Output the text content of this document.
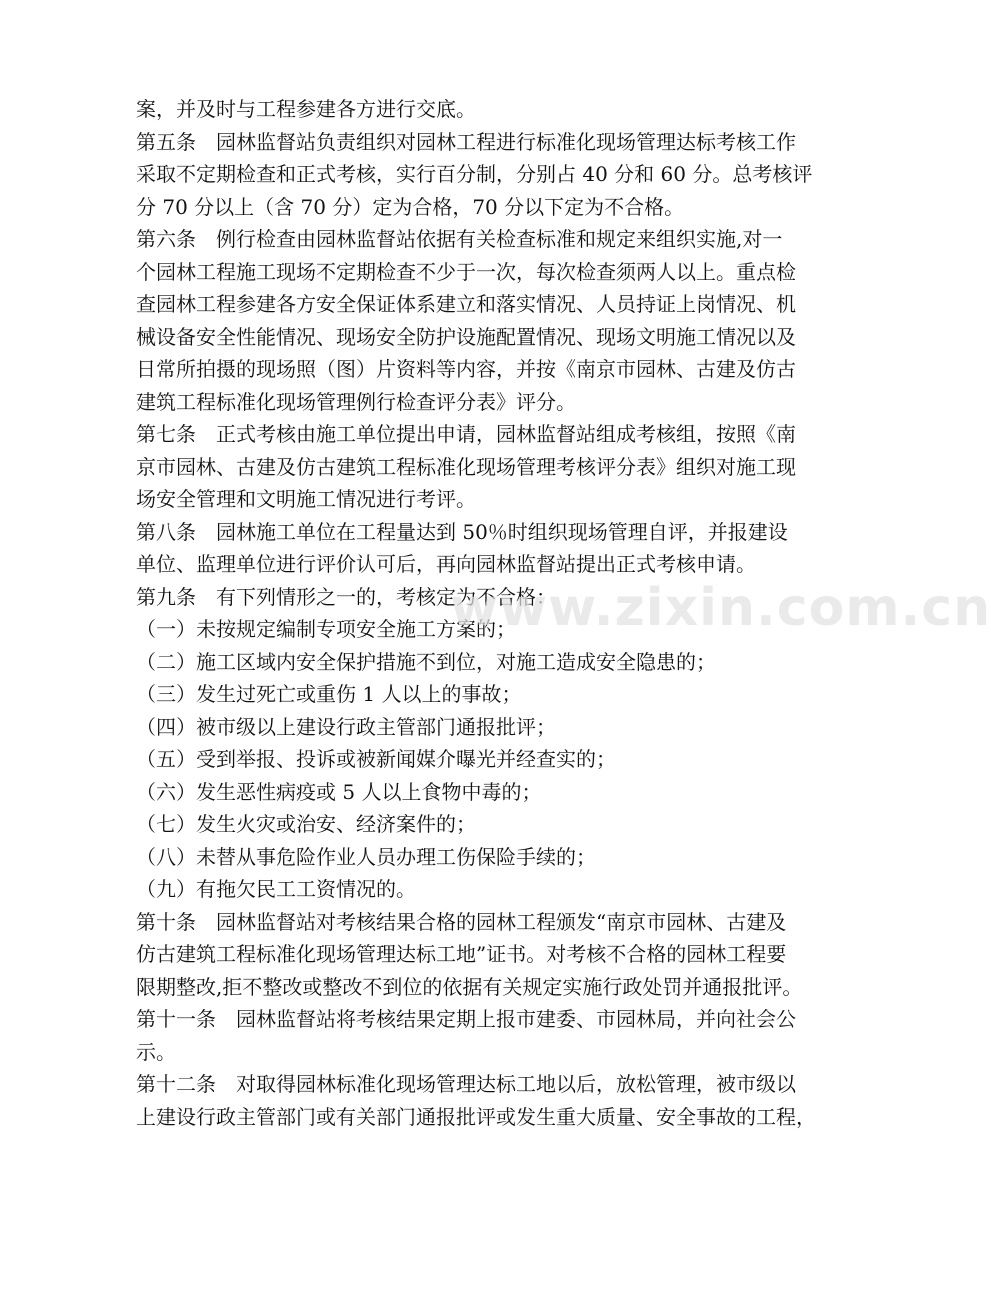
案，并及时与工程参建各方进行交底。
第五条　园林监督站负责组织对园林工程进行标准化现场管理达标考核工作
采取不定期检查和正式考核，实行百分制，分别占 40 分和 60 分。总考核评
分 70 分以上（含 70 分）定为合格，70 分以下定为不合格。
第六条　例行检查由园林监督站依据有关检查标准和规定来组织实施,对一
个园林工程施工现场不定期检查不少于一次，每次检查须两人以上。重点检
查园林工程参建各方安全保证体系建立和落实情况、人员持证上岗情况、机
械设备安全性能情况、现场安全防护设施配置情况、现场文明施工情况以及
日常所拍摄的现场照（图）片资料等内容，并按《南京市园林、古建及仿古
建筑工程标准化现场管理例行检查评分表》评分。
第七条　正式考核由施工单位提出申请，园林监督站组成考核组，按照《南
京市园林、古建及仿古建筑工程标准化现场管理考核评分表》组织对施工现
场安全管理和文明施工情况进行考评。
第八条　园林施工单位在工程量达到 50％时组织现场管理自评，并报建设
单位、监理单位进行评价认可后，再向园林监督站提出正式考核申请。
第九条　有下列情形之一的，考核定为不合格：
（一）未按规定编制专项安全施工方案的；
（二）施工区域内安全保护措施不到位，对施工造成安全隐患的；
（三）发生过死亡或重伤 1 人以上的事故；
（四）被市级以上建设行政主管部门通报批评；
（五）受到举报、投诉或被新闻媒介曝光并经查实的；
（六）发生恶性病疫或 5 人以上食物中毒的；
（七）发生火灾或治安、经济案件的；
（八）未替从事危险作业人员办理工伤保险手续的；
（九）有拖欠民工工资情况的。
第十条　园林监督站对考核结果合格的园林工程颁发“南京市园林、古建及
仿古建筑工程标准化现场管理达标工地”证书。对考核不合格的园林工程要
限期整改,拒不整改或整改不到位的依据有关规定实施行政处罚并通报批评。
第十一条　园林监督站将考核结果定期上报市建委、市园林局，并向社会公
示。
第十二条　对取得园林标准化现场管理达标工地以后，放松管理，被市级以
上建设行政主管部门或有关部门通报批评或发生重大质量、安全事故的工程，
www.zixin.com.cn
